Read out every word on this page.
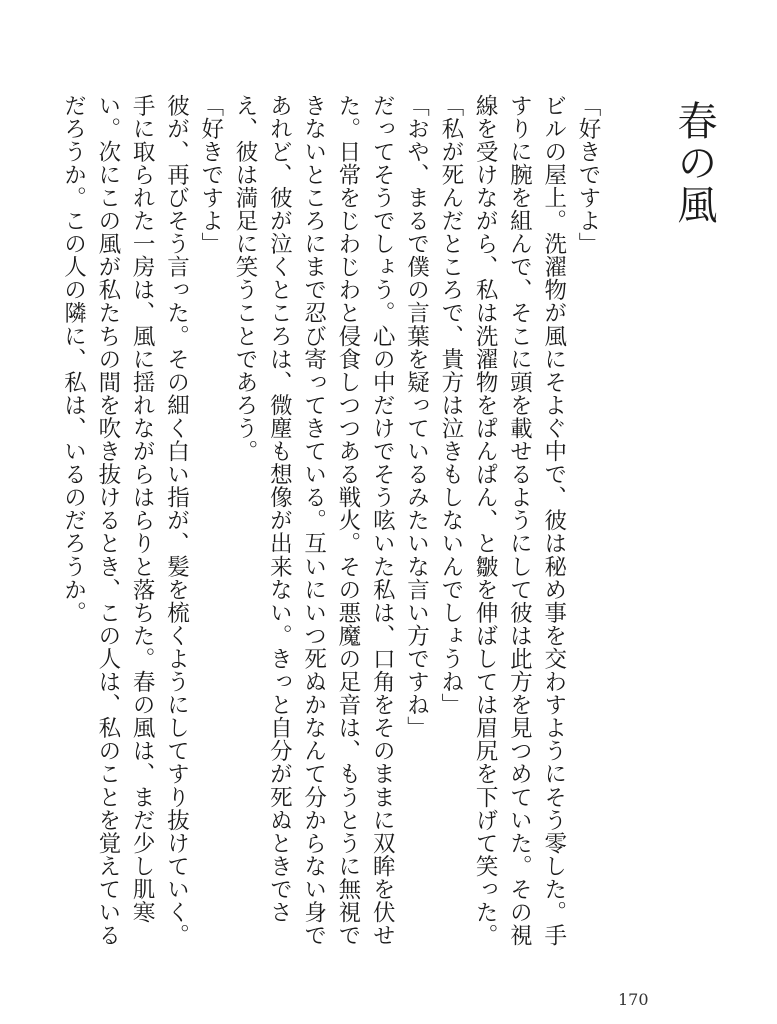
春の風

「好きですよ」

ビルの屋上。洗濯物が風にそよぐ中で、彼は秘め事を交わすようにそう零した。手すりに腕を組んで、そこに頭を載せるようにして彼は此方を見つめていた。その視線を受けながら、私は洗濯物をぱんぱん、と皺を伸ばしては眉尻を下げて笑った。

「私が死んだところで、貴方は泣きもしないんでしょうね」

「おや、まるで僕の言葉を疑っているみたいな言い方ですね」

だってそうでしょう。心の中だけでそう呟いた私は、口角をそのままに双眸を伏せた。日常をじわじわと侵食しつつある戦火。その悪魔の足音は、もうとうに無視できないところにまで忍び寄ってきている。互いにいつ死ぬかなんて分からない身であれど、彼が泣くところは、微塵も想像が出来ない。きっと自分が死ぬときでさえ、彼は満足に笑うことであろう。

「好きですよ」

彼が、再びそう言った。その細く白い指が、髪を梳くようにしてすり抜けていく。手に取られた一房は、風に揺れながらはらりと落ちた。春の風は、まだ少し肌寒い。次にこの風が私たちの間を吹き抜けるとき、この人は、私のことを覚えているだろうか。この人の隣に、私は、いるのだろうか。

170
